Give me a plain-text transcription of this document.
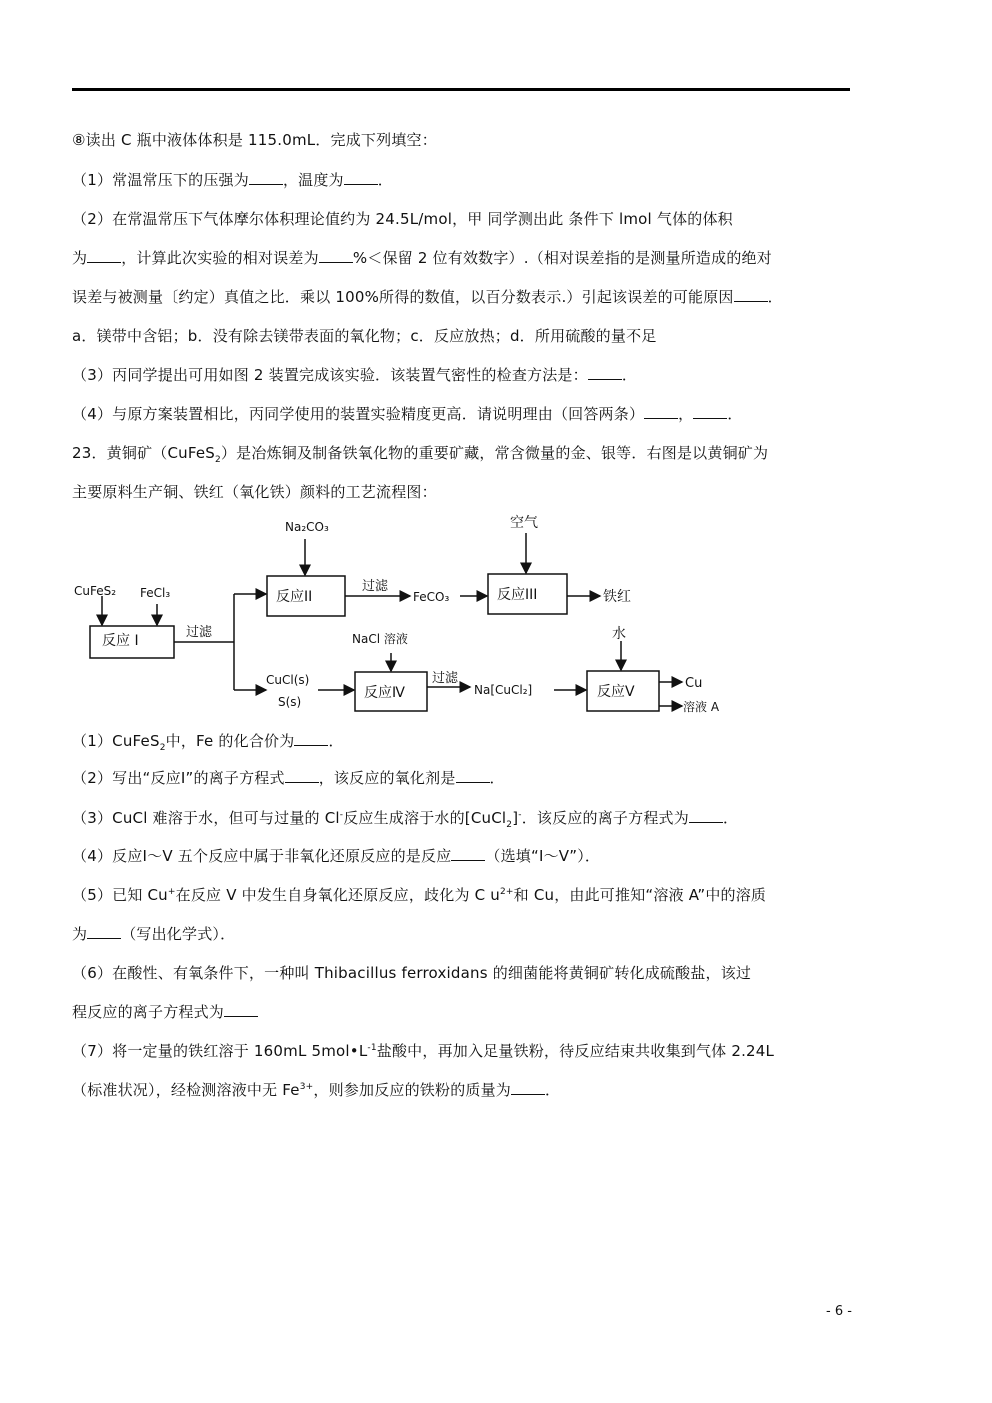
⑧读出 C 瓶中液体体积是 115.0mL．完成下列填空：
（1）常温常压下的压强为 ，温度为 ．
（2）在常温常压下气体摩尔体积理论值约为 24.5L/mol，甲 同学测出此 条件下 lmol 气体的体积
为 ，计算此次实验的相对误差为 %＜保留 2 位有效数字）.（相对误差指的是测量所造成的绝对
误差与被测量〔约定）真值之比．乘以 100%所得的数值，以百分数表示.）引起该误差的可能原因 ．
a．镁带中含铝；b．没有除去镁带表面的氧化物；c．反应放热；d．所用硫酸的量不足
（3）丙同学提出可用如图 2 装置完成该实验．该装置气密性的检查方法是： ．
（4）与原方案装置相比，丙同学使用的装置实验精度更高．请说明理由（回答两条） ， ．
23．黄铜矿（CuFeS$_2$）是冶炼铜及制备铁氧化物的重要矿藏，常含微量的金、银等．右图是以黄铜矿为
主要原料生产铜、铁红（氧化铁）颜料的工艺流程图：
反应 I
反应II	反应III
反应Ⅳ	反应Ⅴ
Na₂CO₃	空气
CuFeS₂ FeCl₃
过滤
过滤
FeCO₃	铁红
NaCl 溶液	水
CuCl(s)
S(s)
过滤
Na[CuCl₂]	Cu
溶液 A
（1）CuFeS$_2$中，Fe 的化合价为 ．
（2）写出“反应Ⅰ”的离子方程式 ，该反应的氧化剂是 ．
（3）CuCl 难溶于水，但可与过量的 Cl-反应生成溶于水的[CuCl$_2$]-．该反应的离子方程式为 ．
（4）反应Ⅰ～V 五个反应中属于非氧化还原反应的是反应 （选填“Ⅰ～V”）．
（5）已知 Cu+在反应 V 中发生自身氧化还原反应，歧化为 C $u^{2+}$和 Cu，由此可推知“溶液 A”中的溶质
为 （写出化学式）．
（6）在酸性、有氧条件下，一种叫 Thibacillus ferroxidans 的细菌能将黄铜矿转化成硫酸盐，该过
程反应的离子方程式为
（7）将一定量的铁红溶于 160mL $5mol•L^{-1}$盐酸中，再加入足量铁粉，待反应结束共收集到气体 2.24L
（标准状况），经检测溶液中无 $Fe^{3+}$，则参加反应的铁粉的质量为 ．
- 6 -
